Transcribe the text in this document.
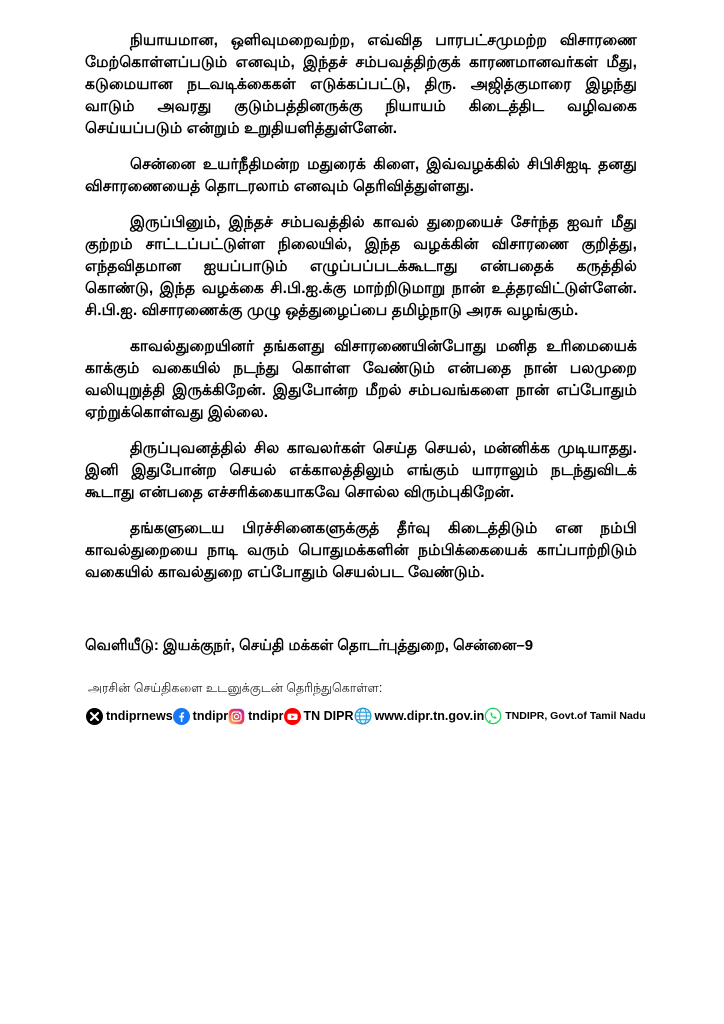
நியாயமான, ஒளிவுமறைவற்ற, எவ்வித பாரபட்சமுமற்ற விசாரணை மேற்கொள்ளப்படும் எனவும், இந்தச் சம்பவத்திற்குக் காரணமானவர்கள் மீது, கடுமையான நடவடிக்கைகள் எடுக்கப்பட்டு, திரு. அஜித்குமாரை இழந்து வாடும் அவரது குடும்பத்தினருக்கு நியாயம் கிடைத்திட வழிவகை செய்யப்படும் என்றும் உறுதியளித்துள்ளேன்.

சென்னை உயர்நீதிமன்ற மதுரைக் கிளை, இவ்வழக்கில் சிபிசிஐடி தனது விசாரணையைத் தொடரலாம் எனவும் தெரிவித்துள்ளது.

இருப்பினும், இந்தச் சம்பவத்தில் காவல் துறையைச் சேர்ந்த ஐவர் மீது குற்றம் சாட்டப்பட்டுள்ள நிலையில், இந்த வழக்கின் விசாரணை குறித்து, எந்தவிதமான ஐயப்பாடும் எழுப்பப்படக்கூடாது என்பதைக் கருத்தில் கொண்டு, இந்த வழக்கை சி.பி.ஐ.க்கு மாற்றிடுமாறு நான் உத்தரவிட்டுள்ளேன். சி.பி.ஐ. விசாரணைக்கு முழு ஒத்துழைப்பை தமிழ்நாடு அரசு வழங்கும்.

காவல்துறையினர் தங்களது விசாரணையின்போது மனித உரிமையைக் காக்கும் வகையில் நடந்து கொள்ள வேண்டும் என்பதை நான் பலமுறை வலியுறுத்தி இருக்கிறேன். இதுபோன்ற மீறல் சம்பவங்களை நான் எப்போதும் ஏற்றுக்கொள்வது இல்லை.

திருப்புவனத்தில் சில காவலர்கள் செய்த செயல், மன்னிக்க முடியாதது. இனி இதுபோன்ற செயல் எக்காலத்திலும் எங்கும் யாராலும் நடந்துவிடக் கூடாது என்பதை எச்சரிக்கையாகவே சொல்ல விரும்புகிறேன்.

தங்களுடைய பிரச்சினைகளுக்குத் தீர்வு கிடைத்திடும் என நம்பி காவல்துறையை நாடி வரும் பொதுமக்களின் நம்பிக்கையைக் காப்பாற்றிடும் வகையில் காவல்துறை எப்போதும் செயல்பட வேண்டும்.

வெளியீடு: இயக்குநர், செய்தி மக்கள் தொடர்புத்துறை, சென்னை–9

அரசின் செய்திகளை உடனுக்குடன் தெரிந்துகொள்ள:

tndiprnews tndipr tndipr TN DIPR www.dipr.tn.gov.in TNDIPR, Govt.of Tamil Nadu
